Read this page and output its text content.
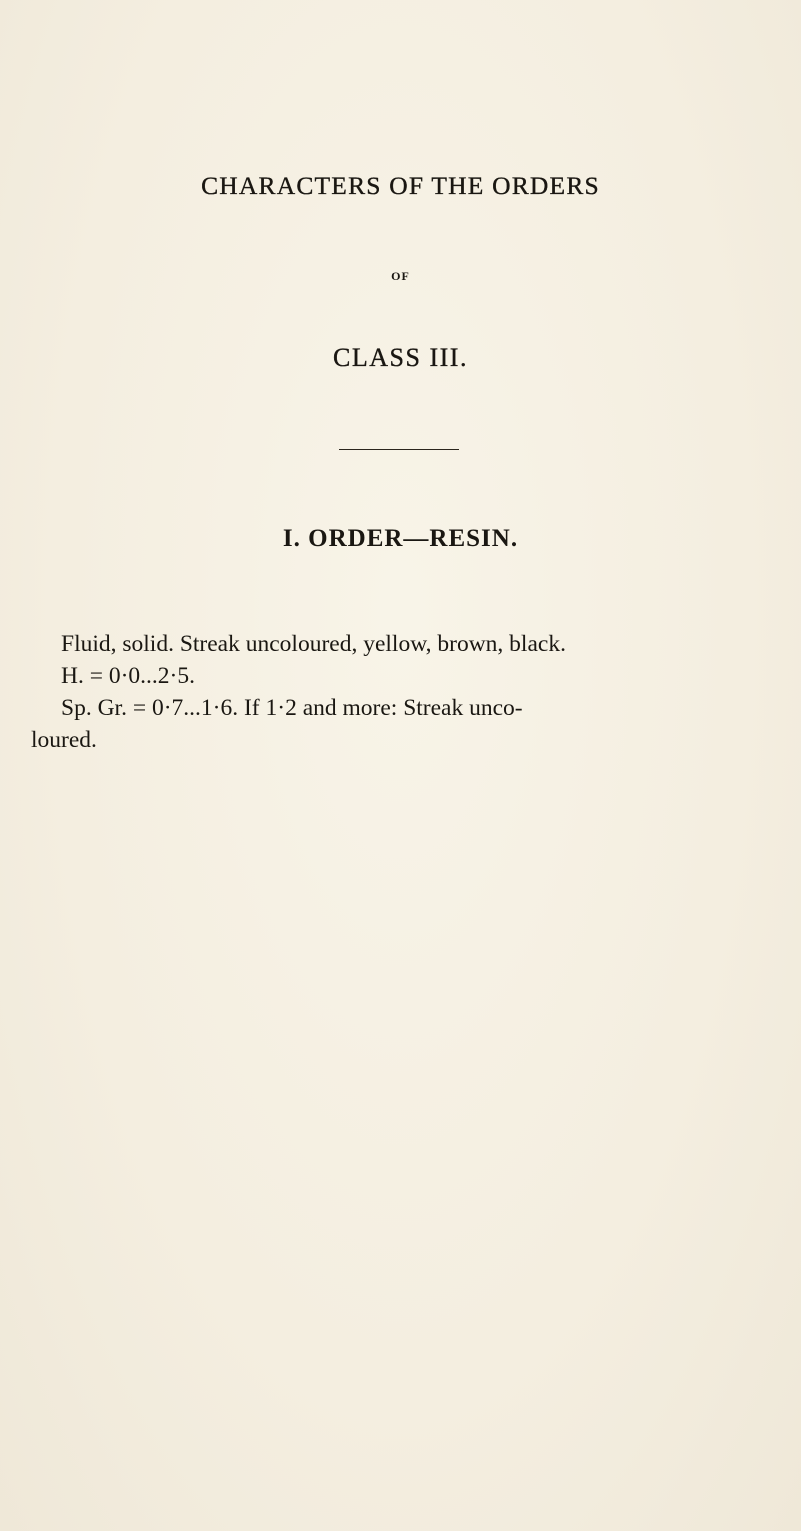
CHARACTERS OF THE ORDERS
OF
CLASS III.
I. ORDER—RESIN.
Fluid, solid. Streak uncoloured, yellow, brown, black.
H. = 0·0...2·5.
Sp. Gr. = 0·7...1·6. If 1·2 and more: Streak unco-
loured.
